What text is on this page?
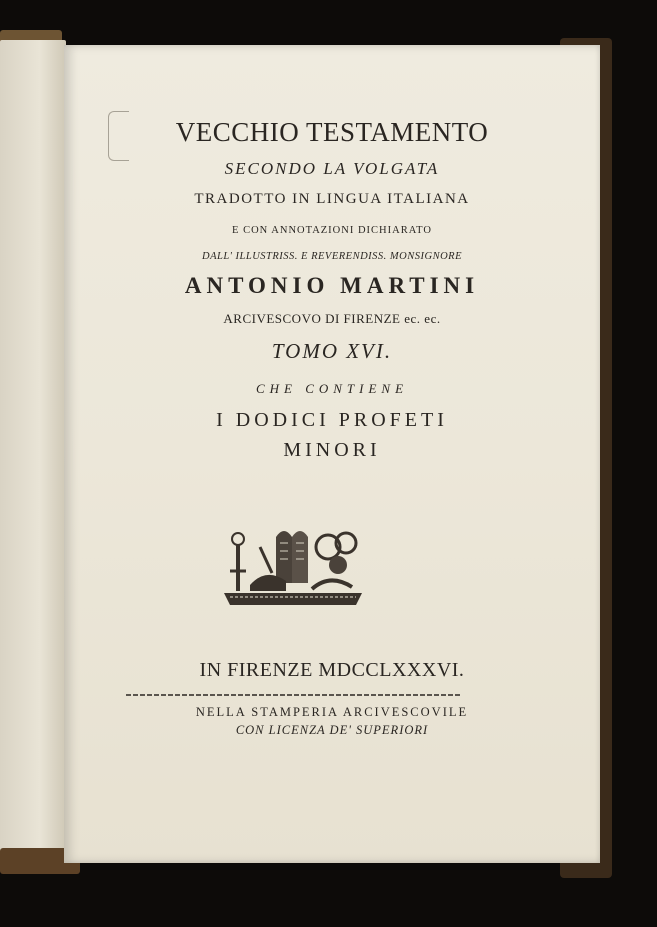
VECCHIO TESTAMENTO
SECONDO LA VOLGATA
TRADOTTO IN LINGUA ITALIANA
E CON ANNOTAZIONI DICHIARATO
DALL' ILLUSTRISS. E REVERENDISS. MONSIGNORE
ANTONIO MARTINI
ARCIVESCOVO DI FIRENZE ec. ec.
TOMO XVI.
CHE CONTIENE
I DODICI PROFETI
MINORI
IN FIRENZE MDCCLXXXVI.
NELLA STAMPERIA ARCIVESCOVILE
CON LICENZA DE' SUPERIORI
